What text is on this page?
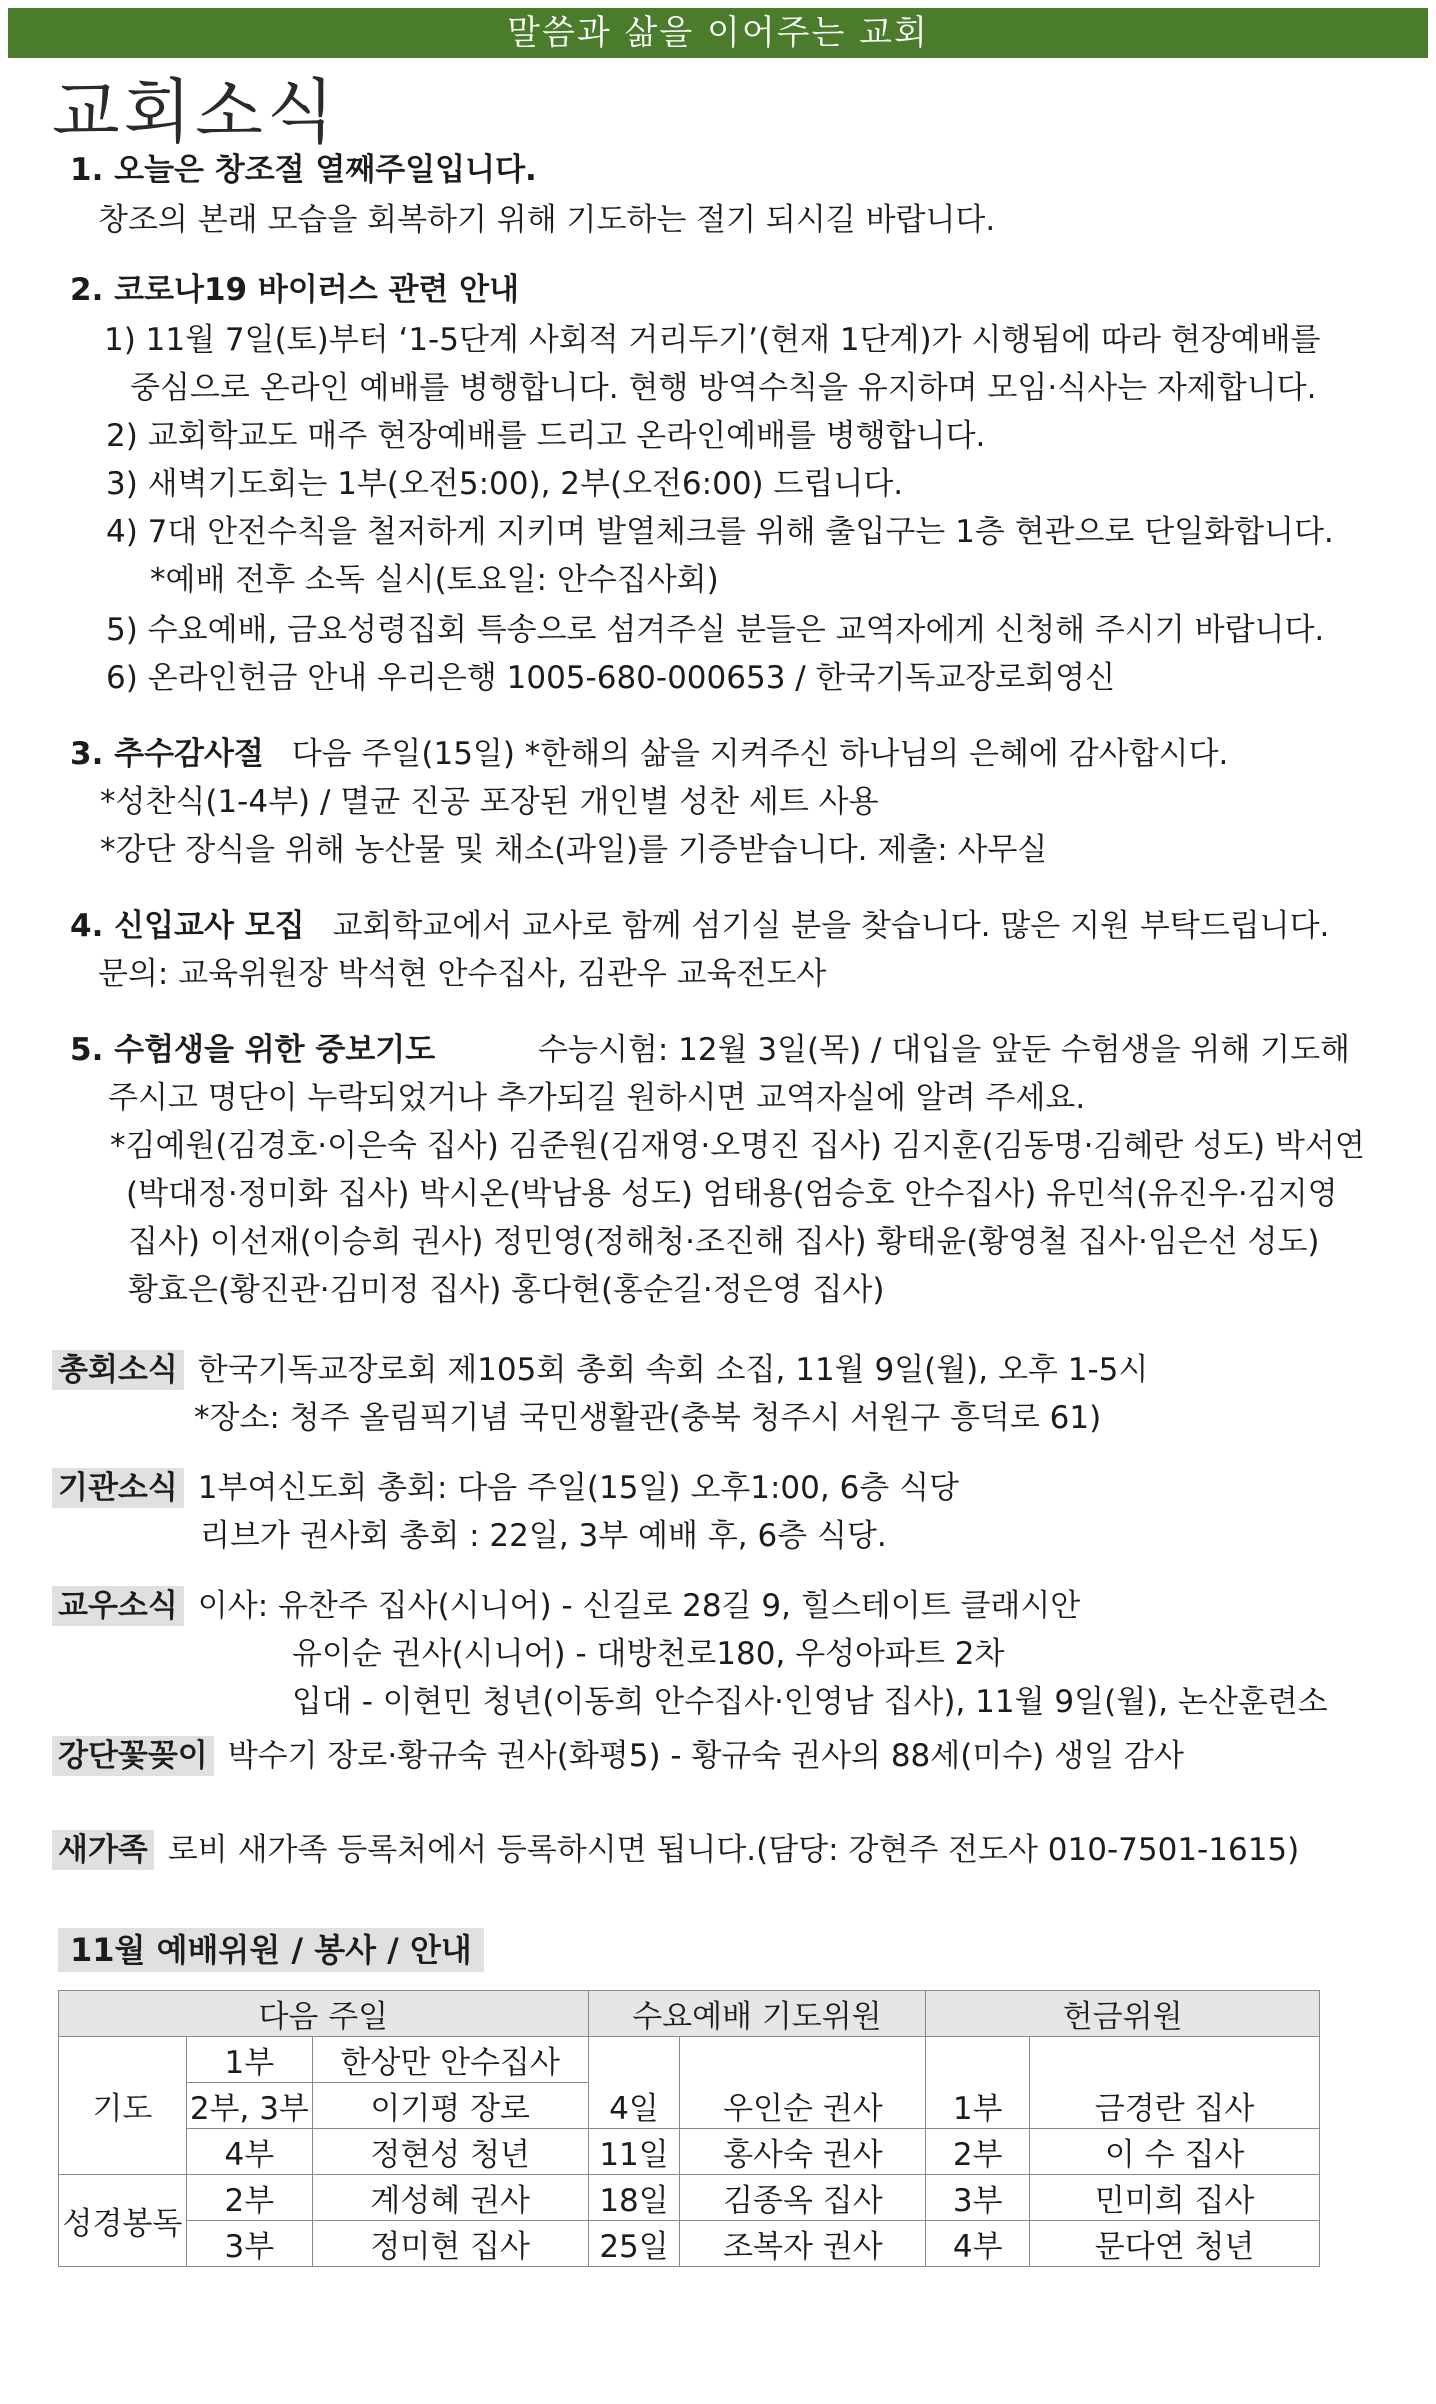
말씀과 삶을 이어주는 교회
교회소식
1. 오늘은 창조절 열째주일입니다.
창조의 본래 모습을 회복하기 위해 기도하는 절기 되시길 바랍니다.
2. 코로나19 바이러스 관련 안내
1) 11월 7일(토)부터 ‘1-5단계 사회적 거리두기’(현재 1단계)가 시행됨에 따라 현장예배를
중심으로 온라인 예배를 병행합니다. 현행 방역수칙을 유지하며 모임·식사는 자제합니다.
2) 교회학교도 매주 현장예배를 드리고 온라인예배를 병행합니다.
3) 새벽기도회는 1부(오전5:00), 2부(오전6:00) 드립니다.
4) 7대 안전수칙을 철저하게 지키며 발열체크를 위해 출입구는 1층 현관으로 단일화합니다.
*예배 전후 소독 실시(토요일: 안수집사회)
5) 수요예배, 금요성령집회 특송으로 섬겨주실 분들은 교역자에게 신청해 주시기 바랍니다.
6) 온라인헌금 안내 우리은행 1005-680-000653 / 한국기독교장로회영신
3. 추수감사절 다음 주일(15일) *한해의 삶을 지켜주신 하나님의 은혜에 감사합시다.
*성찬식(1-4부) / 멸균 진공 포장된 개인별 성찬 세트 사용
*강단 장식을 위해 농산물 및 채소(과일)를 기증받습니다. 제출: 사무실
4. 신입교사 모집 교회학교에서 교사로 함께 섬기실 분을 찾습니다. 많은 지원 부탁드립니다.
문의: 교육위원장 박석현 안수집사, 김관우 교육전도사
5. 수험생을 위한 중보기도	수능시험: 12월 3일(목) / 대입을 앞둔 수험생을 위해 기도해
주시고 명단이 누락되었거나 추가되길 원하시면 교역자실에 알려 주세요.
*김예원(김경호·이은숙 집사) 김준원(김재영·오명진 집사) 김지훈(김동명·김혜란 성도) 박서연
(박대정·정미화 집사) 박시온(박남용 성도) 엄태용(엄승호 안수집사) 유민석(유진우·김지영
집사) 이선재(이승희 권사) 정민영(정해청·조진해 집사) 황태윤(황영철 집사·임은선 성도)
황효은(황진관·김미정 집사) 홍다현(홍순길·정은영 집사)
총회소식 한국기독교장로회 제105회 총회 속회 소집, 11월 9일(월), 오후 1-5시
*장소: 청주 올림픽기념 국민생활관(충북 청주시 서원구 흥덕로 61)
기관소식 1부여신도회 총회: 다음 주일(15일) 오후1:00, 6층 식당
리브가 권사회 총회 : 22일, 3부 예배 후, 6층 식당.
교우소식 이사: 유찬주 집사(시니어) - 신길로 28길 9, 힐스테이트 클래시안
유이순 권사(시니어) - 대방천로180, 우성아파트 2차
입대 - 이현민 청년(이동희 안수집사·인영남 집사), 11월 9일(월), 논산훈련소
강단꽃꽂이 박수기 장로·황규숙 권사(화평5) - 황규숙 권사의 88세(미수) 생일 감사
새가족 로비 새가족 등록처에서 등록하시면 됩니다.(담당: 강현주 전도사 010-7501-1615)
11월 예배위원 / 봉사 / 안내
다음 주일			수요예배 기도위원		헌금위원	
기도	1부	한상만 안수집사	4일	우인순 권사	1부	금경란 집사
	2부, 3부	이기평 장로				
	4부	정현성 청년	11일	홍사숙 권사	2부	이 수 집사
성경봉독	2부	계성혜 권사	18일	김종옥 집사	3부	민미희 집사
	3부	정미현 집사	25일	조복자 권사	4부	문다연 청년
